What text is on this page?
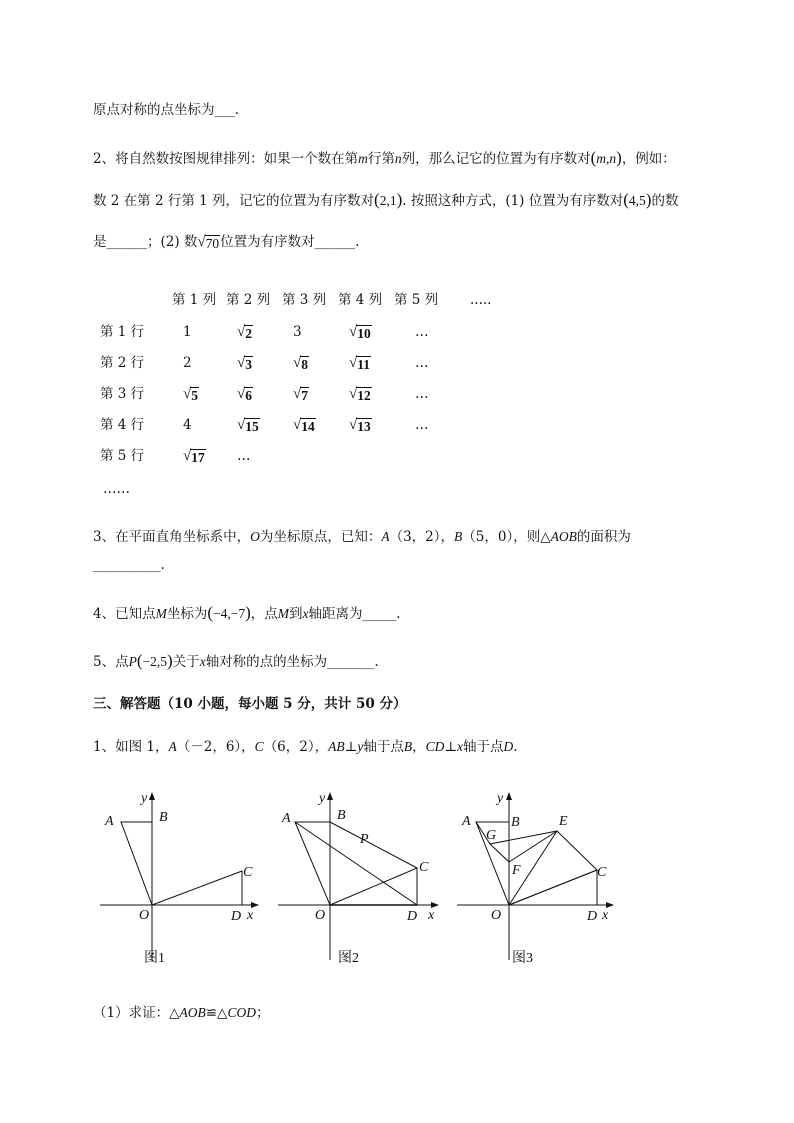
原点对称的点坐标为___.
2、将自然数按图规律排列：如果一个数在第m行第n列，那么记它的位置为有序数对(m,n)，例如：
数 2 在第 2 行第 1 列，记它的位置为有序数对(2,1). 按照这种方式，(1) 位置为有序数对(4,5)的数
是______；(2) 数 √ 70 位置为有序数对______.
第 1 列 第 2 列 第 3 列 第 4 列 第 5 列 .....
第 1 行	1	√ 2	3	√ 10	…
第 2 行	2	√ 3	√ 8	√ 11	…
第 3 行	√ 5	√ 6	√ 7	√ 12	…
第 4 行	4	√ 15 √ 14 √ 13	…
第 5 行	√ 17 …
……
3、在平面直角坐标系中，O为坐标原点，已知：A（3，2），B（5，0），则△AOB的面积为
__________.
4、已知点M坐标为(−4,−7)，点M到x轴距离为_____.
5、点P(−2,5)关于x轴对称的点的坐标为_______.
三、解答题（10 小题，每小题 5 分，共计 50 分）
1、如图 1，A（－2，6），C（6，2），AB⊥y轴于点B，CD⊥x轴于点D.
A	B
y
C
O	D x
图1
A	B
y
P
C
O	D x
图2
A
G
B
y
E
F	C
O	D x
图3
（1）求证：△AOB≌△COD；
